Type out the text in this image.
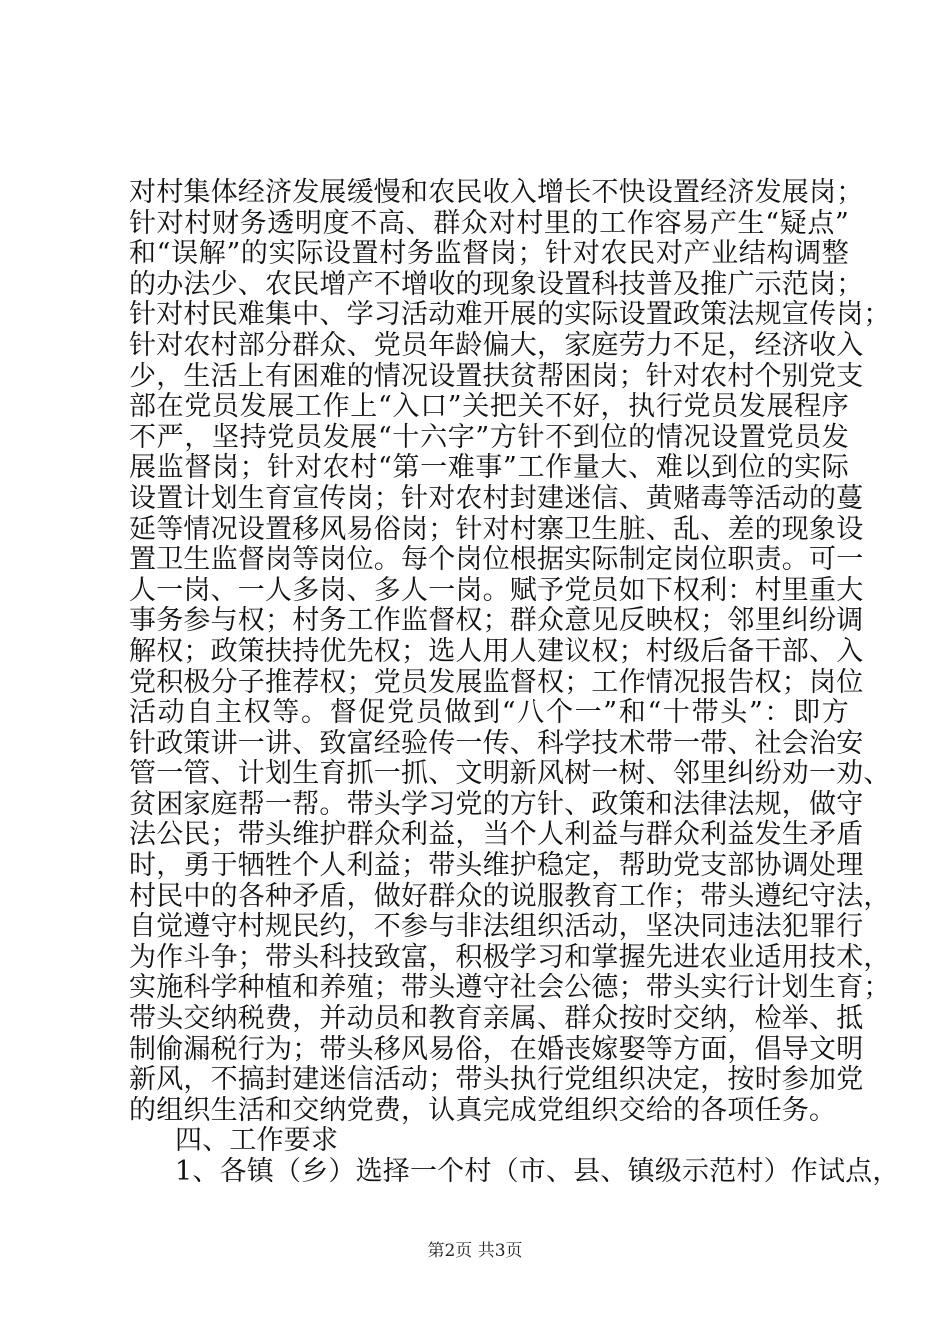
对村集体经济发展缓慢和农民收入增长不快设置经济发展岗；
针对村财务透明度不高、群众对村里的工作容易产生“疑点”
和“误解”的实际设置村务监督岗；针对农民对产业结构调整
的办法少、农民增产不增收的现象设置科技普及推广示范岗；
针对村民难集中、学习活动难开展的实际设置政策法规宣传岗；
针对农村部分群众、党员年龄偏大，家庭劳力不足，经济收入
少，生活上有困难的情况设置扶贫帮困岗；针对农村个别党支
部在党员发展工作上“入口”关把关不好，执行党员发展程序
不严，坚持党员发展“十六字”方针不到位的情况设置党员发
展监督岗；针对农村“第一难事”工作量大、难以到位的实际
设置计划生育宣传岗；针对农村封建迷信、黄赌毒等活动的蔓
延等情况设置移风易俗岗；针对村寨卫生脏、乱、差的现象设
置卫生监督岗等岗位。每个岗位根据实际制定岗位职责。可一
人一岗、一人多岗、多人一岗。赋予党员如下权利：村里重大
事务参与权；村务工作监督权；群众意见反映权；邻里纠纷调
解权；政策扶持优先权；选人用人建议权；村级后备干部、入
党积极分子推荐权；党员发展监督权；工作情况报告权；岗位
活动自主权等。督促党员做到“八个一”和“十带头”：即方
针政策讲一讲、致富经验传一传、科学技术带一带、社会治安
管一管、计划生育抓一抓、文明新风树一树、邻里纠纷劝一劝、
贫困家庭帮一帮。带头学习党的方针、政策和法律法规，做守
法公民；带头维护群众利益，当个人利益与群众利益发生矛盾
时，勇于牺牲个人利益；带头维护稳定，帮助党支部协调处理
村民中的各种矛盾，做好群众的说服教育工作；带头遵纪守法，
自觉遵守村规民约，不参与非法组织活动，坚决同违法犯罪行
为作斗争；带头科技致富，积极学习和掌握先进农业适用技术，
实施科学种植和养殖；带头遵守社会公德；带头实行计划生育；
带头交纳税费，并动员和教育亲属、群众按时交纳，检举、抵
制偷漏税行为；带头移风易俗，在婚丧嫁娶等方面，倡导文明
新风，不搞封建迷信活动；带头执行党组织决定，按时参加党
的组织生活和交纳党费，认真完成党组织交给的各项任务。
四、工作要求
1、各镇（乡）选择一个村（市、县、镇级示范村）作试点，
第2页 共3页
